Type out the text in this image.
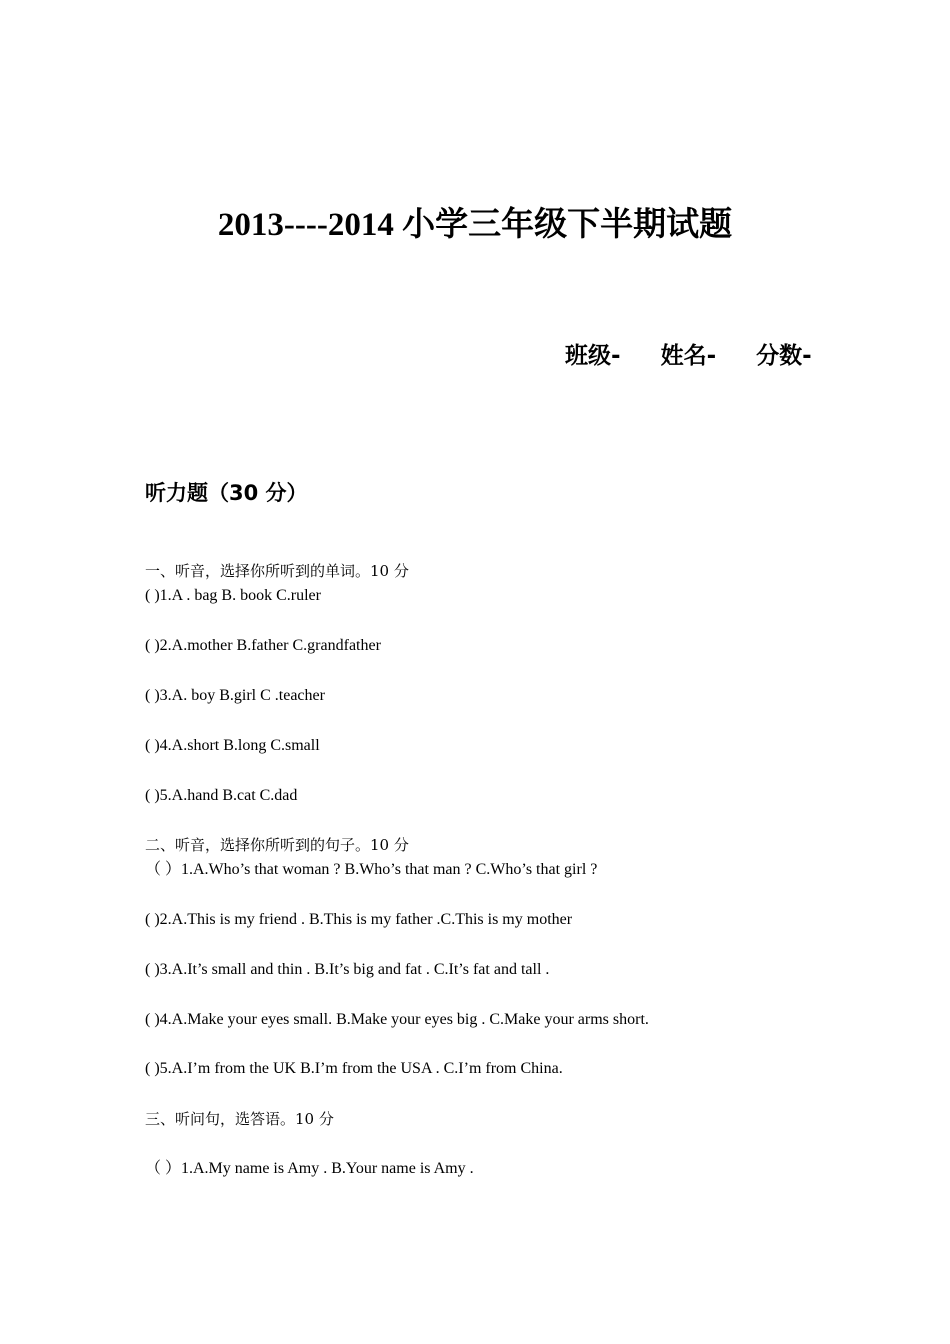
2013----2014 小学三年级下半期试题
班级- 姓名- 分数-
听力题（30 分）
一、听音，选择你所听到的单词。10 分
( )1.A . bag B. book C.ruler
( )2.A.mother B.father C.grandfather
( )3.A. boy B.girl C .teacher
( )4.A.short B.long C.small
( )5.A.hand B.cat C.dad
二、听音，选择你所听到的句子。10 分
（ ）1.A.Who’s that woman ? B.Who’s that man ? C.Who’s that girl ?
( )2.A.This is my friend . B.This is my father .C.This is my mother
( )3.A.It’s small and thin . B.It’s big and fat . C.It’s fat and tall .
( )4.A.Make your eyes small. B.Make your eyes big . C.Make your arms short.
( )5.A.I’m from the UK B.I’m from the USA . C.I’m from China.
三、听问句，选答语。10 分
（ ）1.A.My name is Amy . B.Your name is Amy .
